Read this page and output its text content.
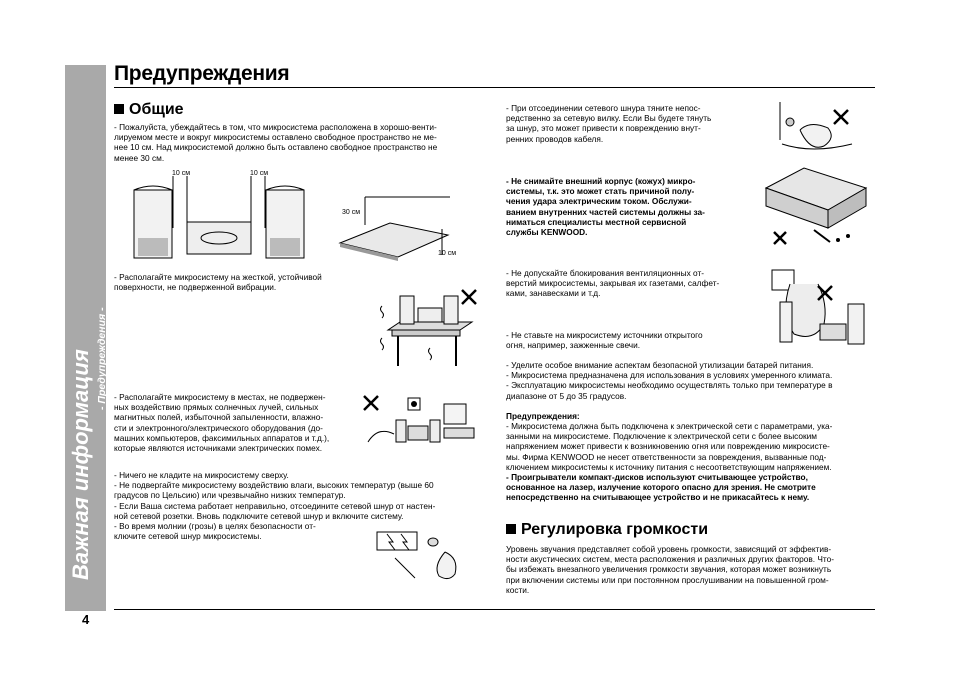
Важная информация - Предупреждения -
Предупреждения
Общие
- Пожалуйста, убеждайтесь в том, что микросистема расположена в хорошо-венти-
лируемом месте и вокруг микросистемы оставлено свободное пространство не ме-
нее 10 см. Над микросистемой должно быть оставлено свободное пространство не
менее 30 см.
10 см	10 см
30 см
10 см
- Располагайте микросистему на жесткой, устойчивой
поверхности, не подверженной вибрации.
- Располагайте микросистему в местах, не подвержен-
ных воздействию прямых солнечных лучей, сильных
магнитных полей, избыточной запыленности, влажно-
сти и электронного/электрического оборудования (до-
машних компьютеров, факсимильных аппаратов и т.д.),
которые являются источниками электрических помех.
- Ничего не кладите на микросистему сверху.
- Не подвергайте микросистему воздействию влаги, высоких температур (выше 60
градусов по Цельсию) или чрезвычайно низких температур.
- Если Ваша система работает неправильно, отсоедините сетевой шнур от настен-
ной сетевой розетки. Вновь подключите сетевой шнур и включите систему.
- Во время молнии (грозы) в целях безопасности от-
ключите сетевой шнур микросистемы.
- При отсоединении сетевого шнура тяните непос-
редственно за сетевую вилку. Если Вы будете тянуть
за шнур, это может привести к повреждению внут-
ренних проводов кабеля.
- Не снимайте внешний корпус (кожух) микро-
системы, т.к. это может стать причиной полу-
чения удара электрическим током. Обслужи-
ванием внутренних частей системы должны за-
ниматься специалисты местной сервисной
службы KENWOOD.
- Не допускайте блокирования вентиляционных от-
верстий микросистемы, закрывая их газетами, салфет-
ками, занавесками и т.д.
- Не ставьте на микросистему источники открытого
огня, например, зажженные свечи.
- Уделите особое внимание аспектам безопасной утилизации батарей питания.
- Микросистема предназначена для использования в условиях умеренного климата.
- Эксплуатацию микросистемы необходимо осуществлять только при температуре в
диапазоне от 5 до 35 градусов.
Предупреждения:
- Микросистема должна быть подключена к электрической сети с параметрами, ука-
занными на микросистеме. Подключение к электрической сети с более высоким
напряжением может привести к возникновению огня или повреждению микросисте-
мы. Фирма KENWOOD не несет ответственности за повреждения, вызванные под-
ключением микросистемы к источнику питания с несоответствующим напряжением.
- Проигрыватели компакт-дисков используют считывающее устройство,
основанное на лазер, излучение которого опасно для зрения. Не смотрите
непосредственно на считывающее устройство и не прикасайтесь к нему.
Регулировка громкости
Уровень звучания представляет собой уровень громкости, зависящий от эффектив-
ности акустических систем, места расположения и различных других факторов. Что-
бы избежать внезапного увеличения громкости звучания, которая может возникнуть
при включении системы или при постоянном прослушивании на повышенной гром-
кости.
4
